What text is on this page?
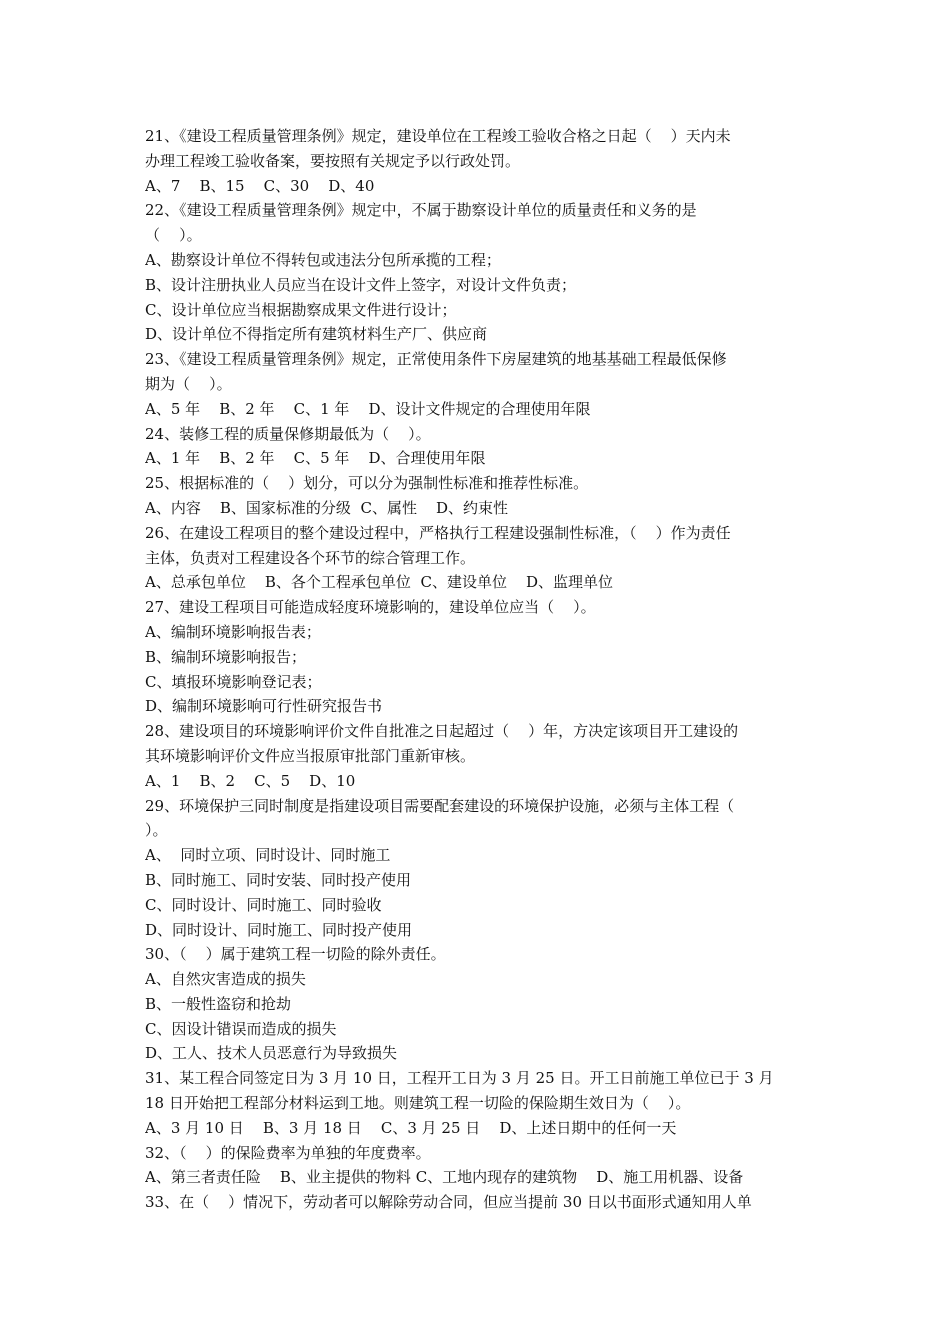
21、《建设工程质量管理条例》规定，建设单位在工程竣工验收合格之日起（    ）天内未
办理工程竣工验收备案，要按照有关规定予以行政处罚。
A、7    B、15    C、30    D、40
22、《建设工程质量管理条例》规定中，不属于勘察设计单位的质量责任和义务的是
（    ）。
A、勘察设计单位不得转包或违法分包所承揽的工程；
B、设计注册执业人员应当在设计文件上签字，对设计文件负责；
C、设计单位应当根据勘察成果文件进行设计；
D、设计单位不得指定所有建筑材料生产厂、供应商
23、《建设工程质量管理条例》规定，正常使用条件下房屋建筑的地基基础工程最低保修
期为（    ）。
A、5 年    B、2 年    C、1 年    D、设计文件规定的合理使用年限
24、装修工程的质量保修期最低为（    ）。
A、1 年    B、2 年    C、5 年    D、合理使用年限
25、根据标准的（    ）划分，可以分为强制性标准和推荐性标准。
A、内容    B、国家标准的分级  C、属性    D、约束性
26、在建设工程项目的整个建设过程中，严格执行工程建设强制性标准，（    ）作为责任
主体，负责对工程建设各个环节的综合管理工作。
A、总承包单位    B、各个工程承包单位  C、建设单位    D、监理单位
27、建设工程项目可能造成轻度环境影响的，建设单位应当（    ）。
A、编制环境影响报告表；
B、编制环境影响报告；
C、填报环境影响登记表；
D、编制环境影响可行性研究报告书
28、建设项目的环境影响评价文件自批准之日起超过（    ）年，方决定该项目开工建设的
其环境影响评价文件应当报原审批部门重新审核。
A、1    B、2    C、5    D、10
29、环境保护三同时制度是指建设项目需要配套建设的环境保护设施，必须与主体工程（
）。
A、  同时立项、同时设计、同时施工
B、同时施工、同时安装、同时投产使用
C、同时设计、同时施工、同时验收
D、同时设计、同时施工、同时投产使用
30、（    ）属于建筑工程一切险的除外责任。
A、自然灾害造成的损失
B、一般性盗窃和抢劫
C、因设计错误而造成的损失
D、工人、技术人员恶意行为导致损失
31、某工程合同签定日为 3 月 10 日，工程开工日为 3 月 25 日。开工日前施工单位已于 3 月
18 日开始把工程部分材料运到工地。则建筑工程一切险的保险期生效日为（    ）。
A、3 月 10 日    B、3 月 18 日    C、3 月 25 日    D、上述日期中的任何一天
32、（    ）的保险费率为单独的年度费率。
A、第三者责任险    B、业主提供的物料 C、工地内现存的建筑物    D、施工用机器、设备
33、在（    ）情况下，劳动者可以解除劳动合同，但应当提前 30 日以书面形式通知用人单
